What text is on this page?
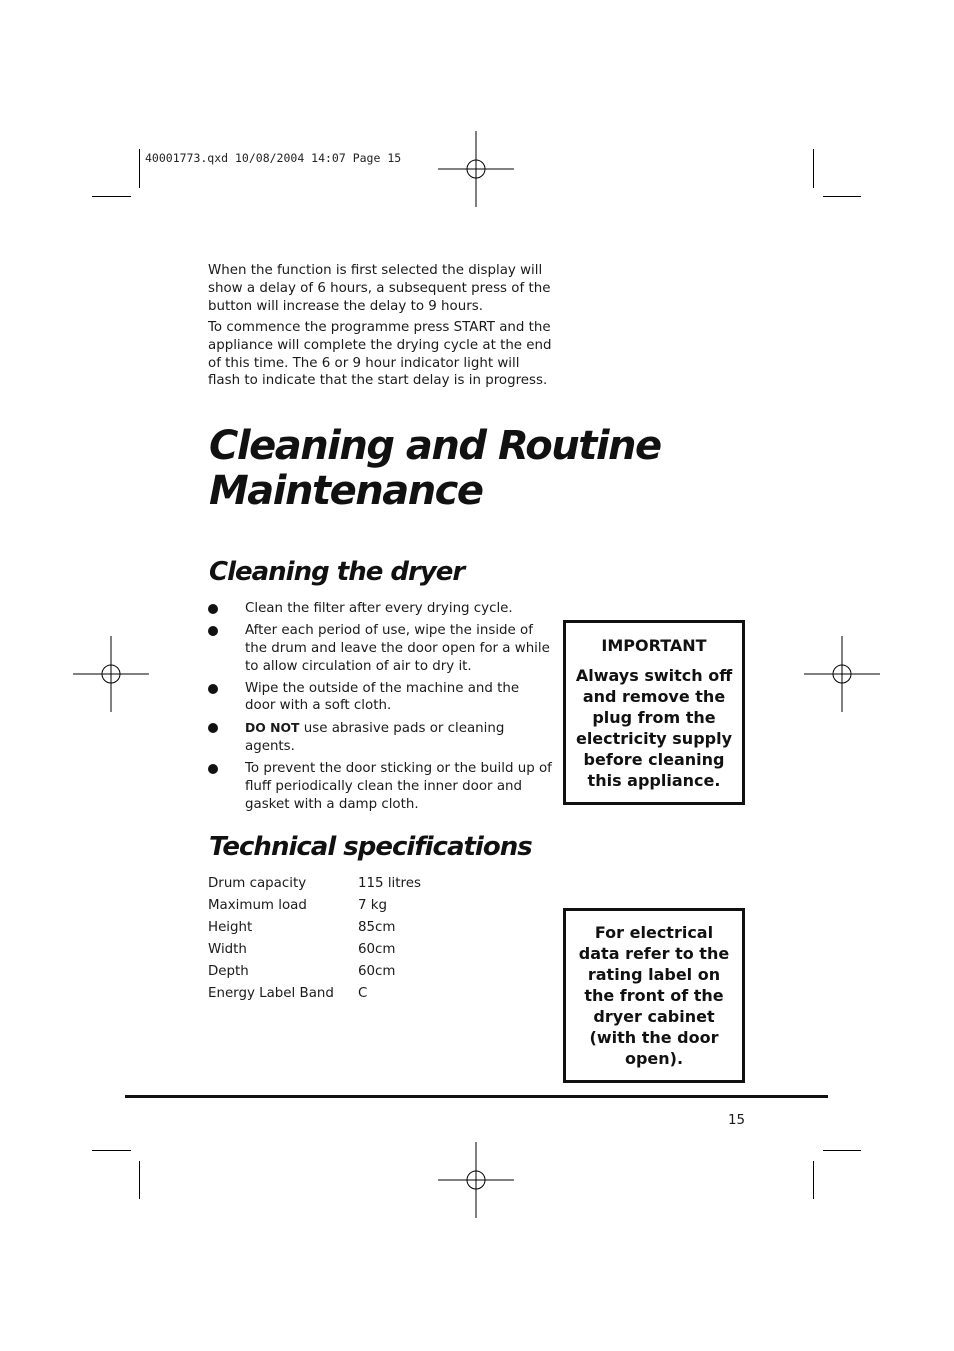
40001773.qxd 10/08/2004 14:07 Page 15

When the function is first selected the display will show a delay of 6 hours, a subsequent press of the button will increase the delay to 9 hours.

To commence the programme press START and the appliance will complete the drying cycle at the end of this time. The 6 or 9 hour indicator light will flash to indicate that the start delay is in progress.

Cleaning and Routine
Maintenance
Cleaning the dryer
Clean the filter after every drying cycle.
After each period of use, wipe the inside of the drum and leave the door open for a while to allow circulation of air to dry it.
Wipe the outside of the machine and the door with a soft cloth.
DO NOT use abrasive pads or cleaning agents.
To prevent the door sticking or the build up of fluff periodically clean the inner door and gasket with a damp cloth.
IMPORTANT
Always switch off and remove the plug from the electricity supply before cleaning this appliance.
Technical specifications
Drum capacity	115 litres
Maximum load	7 kg
Height	85cm
Width	60cm
Depth	60cm
Energy Label Band	C
For electrical data refer to the rating label on the front of the dryer cabinet (with the door open).
15
